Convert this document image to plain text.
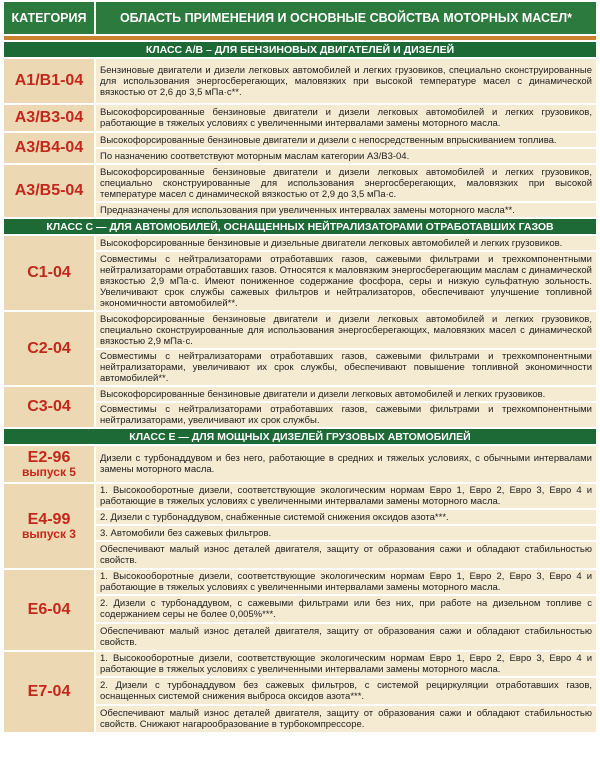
КАТЕГОРИЯ	ОБЛАСТЬ ПРИМЕНЕНИЯ И ОСНОВНЫЕ СВОЙСТВА МОТОРНЫХ МАСЕЛ*
КЛАСС A/B – ДЛЯ БЕНЗИНОВЫХ ДВИГАТЕЛЕЙ И ДИЗЕЛЕЙ
A1/B1-04
Бензиновые двигатели и дизели легковых автомобилей и легких грузовиков, специально сконструированные для использования энергосберегающих, маловязких при высокой температуре масел с динамической вязкостью от 2,6 до 3,5 мПа·с**.
A3/B3-04 Высокофорсированные бензиновые двигатели и дизели легковых автомобилей и легких грузовиков, работающие в тяжелых условиях с увеличенными интервалами замены моторного масла.
A3/B4-04 Высокофорсированные бензиновые двигатели и дизели с непосредственным впрыскиванием топлива.
По назначению соответствуют моторным маслам категории A3/B3-04.
A3/B5-04
Высокофорсированные бензиновые двигатели и дизели легковых автомобилей и легких грузовиков, специально сконструированные для использования энергосберегающих, маловязких при высокой температуре масел с динамической вязкостью от 2,9 до 3,5 мПа·с.
Предназначены для использования при увеличенных интервалах замены моторного масла**.
КЛАСС С — ДЛЯ АВТОМОБИЛЕЙ, ОСНАЩЕННЫХ НЕЙТРАЛИЗАТОРАМИ ОТРАБОТАВШИХ ГАЗОВ
C1-04
Высокофорсированные бензиновые и дизельные двигатели легковых автомобилей и легких грузовиков.
Совместимы с нейтрализаторами отработавших газов, сажевыми фильтрами и трехкомпонентными нейтрализаторами отработавших газов. Относятся к маловязким энергосберегающим маслам с динамической вязкостью 2,9 мПа·с. Имеют пониженное содержание фосфора, серы и низкую сульфатную зольность. Увеличивают срок службы сажевых фильтров и нейтрализаторов, обеспечивают улучшение топливной экономичности автомобилей**.
C2-04
Высокофорсированные бензиновые двигатели и дизели легковых автомобилей и легких грузовиков, специально сконструированные для использования энергосберегающих, маловязких масел с динамической вязкостью 2,9 мПа·с.
Совместимы с нейтрализаторами отработавших газов, сажевыми фильтрами и трехкомпонентными нейтрализаторами, увеличивают их срок службы, обеспечивают повышение топливной экономичности автомобилей**.
C3-04
Высокофорсированные бензиновые двигатели и дизели легковых автомобилей и легких грузовиков.
Совместимы с нейтрализаторами отработавших газов, сажевыми фильтрами и трехкомпонентными нейтрализаторами, увеличивают их срок службы.
КЛАСС Е — ДЛЯ МОЩНЫХ ДИЗЕЛЕЙ ГРУЗОВЫХ АВТОМОБИЛЕЙ
E2-96
выпуск 5
Дизели с турбонаддувом и без него, работающие в средних и тяжелых условиях, с обычными интервалами замены моторного масла.
E4-99
выпуск 3
1. Высокооборотные дизели, соответствующие экологическим нормам Евро 1, Евро 2, Евро 3, Евро 4 и работающие в тяжелых условиях с увеличенными интервалами замены моторного масла.
2. Дизели с турбонаддувом, снабженные системой снижения оксидов азота***.
3. Автомобили без сажевых фильтров.
Обеспечивают малый износ деталей двигателя, защиту от образования сажи и обладают стабильностью свойств.
E6-04
1. Высокооборотные дизели, соответствующие экологическим нормам Евро 1, Евро 2, Евро 3, Евро 4 и работающие в тяжелых условиях с увеличенными интервалами замены моторного масла.
2. Дизели с турбонаддувом, с сажевыми фильтрами или без них, при работе на дизельном топливе с содержанием серы не более 0,005%***.
Обеспечивают малый износ деталей двигателя, защиту от образования сажи и обладают стабильностью свойств.
E7-04
1. Высокооборотные дизели, соответствующие экологическим нормам Евро 1, Евро 2, Евро 3, Евро 4 и работающие в тяжелых условиях с увеличенными интервалами замены моторного масла.
2. Дизели с турбонаддувом без сажевых фильтров, с системой рециркуляции отработавших газов, оснащенных системой снижения выброса оксидов азота***.
Обеспечивают малый износ деталей двигателя, защиту от образования сажи и обладают стабильностью свойств. Снижают нагарообразование в турбокомпрессоре.
